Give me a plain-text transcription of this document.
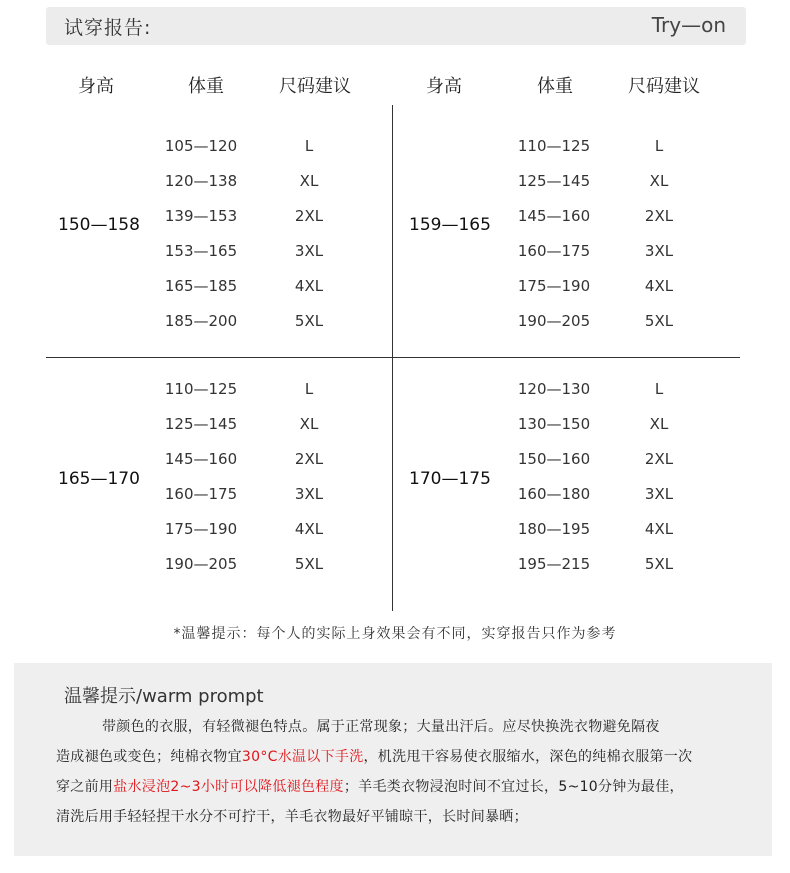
试穿报告:	Try—on
身高	体重	尺码建议	身高	体重	尺码建议
150—158
105—120	L
120—138	XL
139—153	2XL
153—165	3XL
165—185	4XL
185—200	5XL
159—165
110—125	L
125—145	XL
145—160	2XL
160—175	3XL
175—190	4XL
190—205	5XL
165—170
110—125	L
125—145	XL
145—160	2XL
160—175	3XL
175—190	4XL
190—205	5XL
170—175
120—130	L
130—150	XL
150—160	2XL
160—180	3XL
180—195	4XL
195—215	5XL
*温馨提示：每个人的实际上身效果会有不同，实穿报告只作为参考
温馨提示/warm prompt
带颜色的衣服，有轻微褪色特点。属于正常现象；大量出汗后。应尽快换洗衣物避免隔夜
造成褪色或变色；纯棉衣物宜30°C水温以下手洗，机洗甩干容易使衣服缩水，深色的纯棉衣服第一次
穿之前用盐水浸泡2~3小时可以降低褪色程度；羊毛类衣物浸泡时间不宜过长，5~10分钟为最佳，
清洗后用手轻轻捏干水分不可拧干，羊毛衣物最好平铺晾干，长时间暴晒；
